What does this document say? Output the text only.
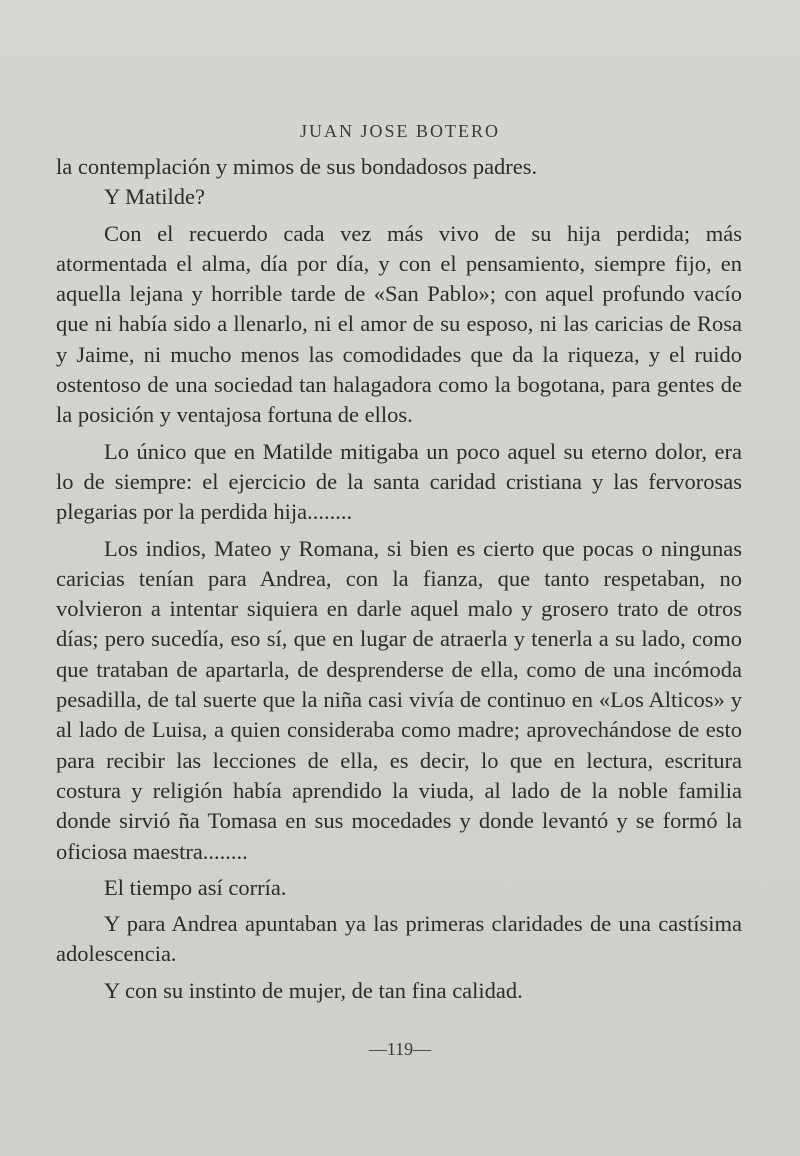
JUAN JOSE BOTERO

la contemplación y mimos de sus bondadosos padres.

Y Matilde?

Con el recuerdo cada vez más vivo de su hija perdida; más atormentada el alma, día por día, y con el pensamiento, siempre fijo, en aquella lejana y horrible tarde de «San Pablo»; con aquel profundo vacío que ni había sido a llenarlo, ni el amor de su esposo, ni las caricias de Rosa y Jaime, ni mucho menos las comodidades que da la riqueza, y el ruido ostentoso de una sociedad tan halagadora como la bogotana, para gentes de la posición y ventajosa fortuna de ellos.

Lo único que en Matilde mitigaba un poco aquel su eterno dolor, era lo de siempre: el ejercicio de la santa caridad cristiana y las fervorosas plegarias por la perdida hija........

Los indios, Mateo y Romana, si bien es cierto que pocas o ningunas caricias tenían para Andrea, con la fianza, que tanto respetaban, no volvieron a intentar siquiera en darle aquel malo y grosero trato de otros días; pero sucedía, eso sí, que en lugar de atraerla y tenerla a su lado, como que trataban de apartarla, de desprenderse de ella, como de una incómoda pesadilla, de tal suerte que la niña casi vivía de continuo en «Los Alticos» y al lado de Luisa, a quien consideraba como madre; aprovechándose de esto para recibir las lecciones de ella, es decir, lo que en lectura, escritura costura y religión había aprendido la viuda, al lado de la noble familia donde sirvió ña Tomasa en sus mocedades y donde levantó y se formó la oficiosa maestra........

El tiempo así corría.

Y para Andrea apuntaban ya las primeras claridades de una castísima adolescencia.

Y con su instinto de mujer, de tan fina calidad.

—119—
